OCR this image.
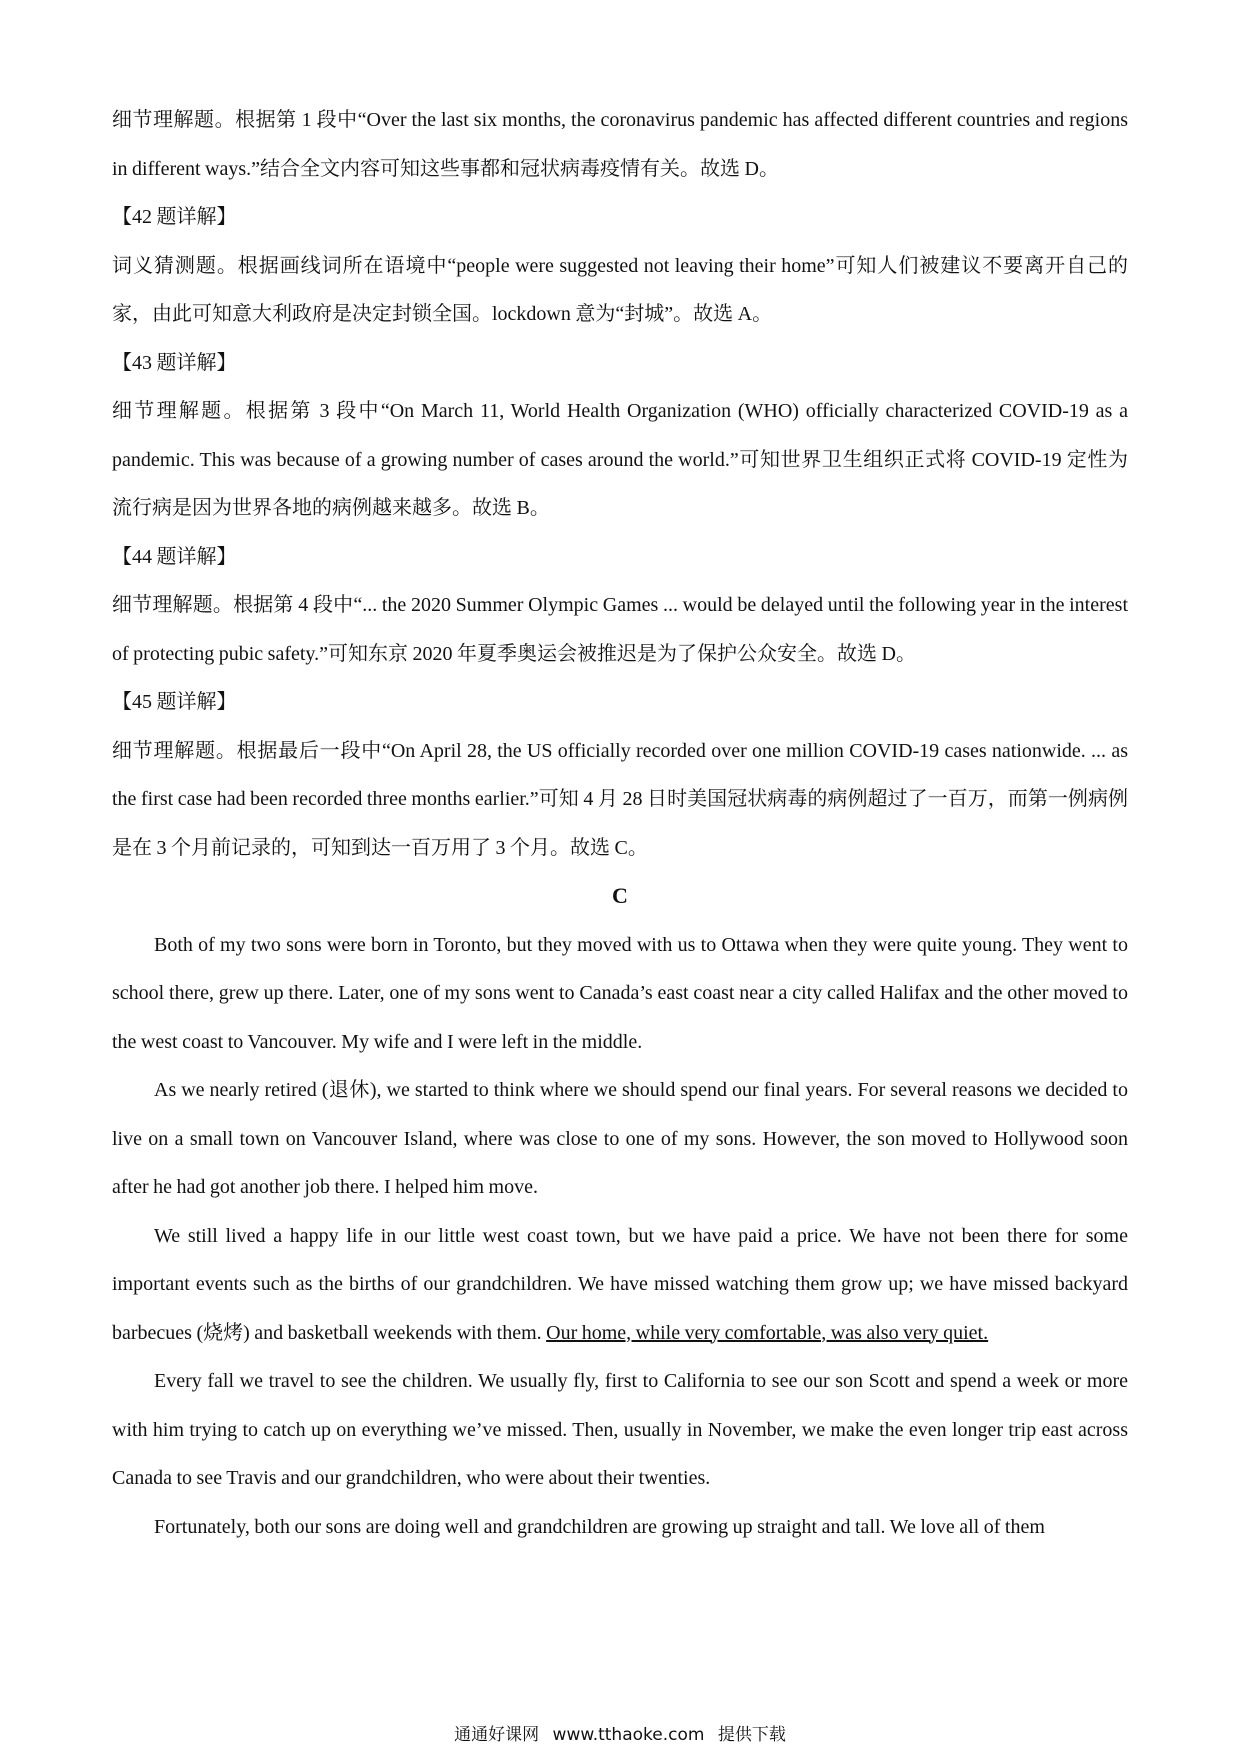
细节理解题。根据第 1 段中“Over the last six months, the coronavirus pandemic has affected different countries and regions in different ways.”结合全文内容可知这些事都和冠状病毒疫情有关。故选 D。

【42 题详解】

词义猜测题。根据画线词所在语境中“people were suggested not leaving their home”可知人们被建议不要离开自己的家，由此可知意大利政府是决定封锁全国。lockdown 意为“封城”。故选 A。

【43 题详解】

细节理解题。根据第 3 段中“On March 11, World Health Organization (WHO) officially characterized COVID-19 as a pandemic. This was because of a growing number of cases around the world.”可知世界卫生组织正式将 COVID-19 定性为流行病是因为世界各地的病例越来越多。故选 B。

【44 题详解】

细节理解题。根据第 4 段中“... the 2020 Summer Olympic Games ... would be delayed until the following year in the interest of protecting pubic safety.”可知东京 2020 年夏季奥运会被推迟是为了保护公众安全。故选 D。

【45 题详解】

细节理解题。根据最后一段中“On April 28, the US officially recorded over one million COVID-19 cases nationwide. ... as the first case had been recorded three months earlier.”可知 4 月 28 日时美国冠状病毒的病例超过了一百万，而第一例病例是在 3 个月前记录的，可知到达一百万用了 3 个月。故选 C。

C

Both of my two sons were born in Toronto, but they moved with us to Ottawa when they were quite young. They went to school there, grew up there. Later, one of my sons went to Canada’s east coast near a city called Halifax and the other moved to the west coast to Vancouver. My wife and I were left in the middle.

As we nearly retired (退休), we started to think where we should spend our final years. For several reasons we decided to live on a small town on Vancouver Island, where was close to one of my sons. However, the son moved to Hollywood soon after he had got another job there. I helped him move.

We still lived a happy life in our little west coast town, but we have paid a price. We have not been there for some important events such as the births of our grandchildren. We have missed watching them grow up; we have missed backyard barbecues (烧烤) and basketball weekends with them. Our home, while very comfortable, was also very quiet.

Every fall we travel to see the children. We usually fly, first to California to see our son Scott and spend a week or more with him trying to catch up on everything we’ve missed. Then, usually in November, we make the even longer trip east across Canada to see Travis and our grandchildren, who were about their twenties.

Fortunately, both our sons are doing well and grandchildren are growing up straight and tall. We love all of them

通通好课网 www.tthaoke.com 提供下载
